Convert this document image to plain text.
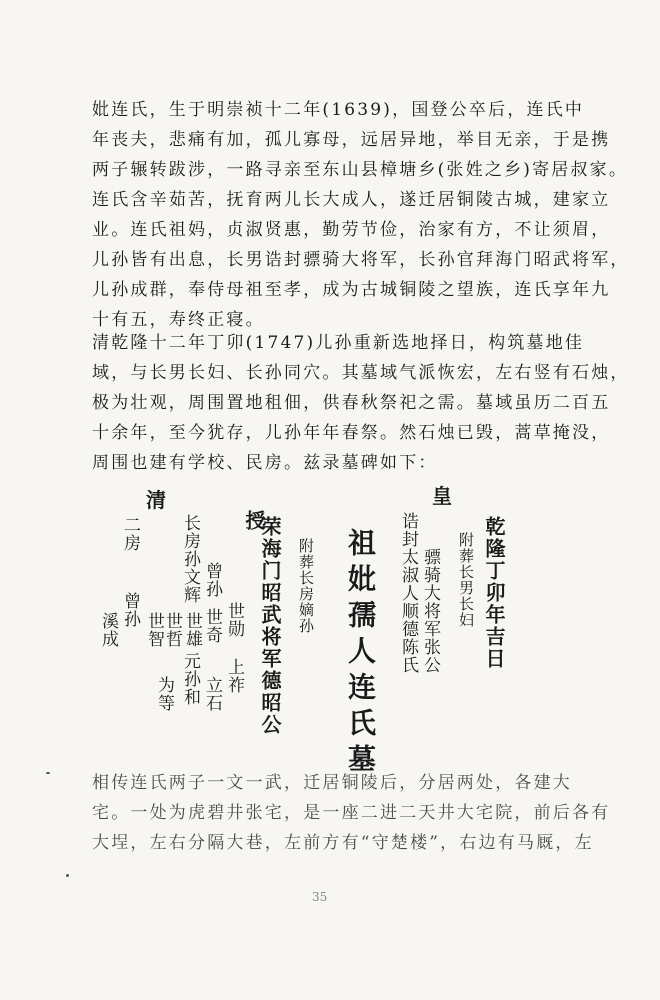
妣连氏，生于明崇祯十二年(1639)，国登公卒后，连氏中
年丧夫，悲痛有加，孤儿寡母，远居异地，举目无亲，于是携
两子辗转跋涉，一路寻亲至东山县樟塘乡(张姓之乡)寄居叔家。
连氏含辛茹苦，抚育两儿长大成人，遂迁居铜陵古城，建家立
业。连氏祖妈，贞淑贤惠，勤劳节俭，治家有方，不让须眉，
儿孙皆有出息，长男诰封骠骑大将军，长孙官拜海门昭武将军，
儿孙成群，奉侍母祖至孝，成为古城铜陵之望族，连氏享年九
十有五，寿终正寝。
清乾隆十二年丁卯(1747)儿孙重新选地择日，构筑墓地佳
域，与长男长妇、长孙同穴。其墓域气派恢宏，左右竖有石烛，
极为壮观，周围置地租佃，供春秋祭祀之需。墓域虽历二百五
十余年，至今犹存，儿孙年年春祭。然石烛已毁，蒿草掩没，
周围也建有学校、民房。兹录墓碑如下：
清	皇
乾隆丁卯年吉日
附葬长男长妇
诰封
骠骑大将军张公
太淑人顺德陈氏
祖妣孺人连氏墓
附葬长房嫡孙
授
荣海门昭武将军德昭公
长房孙文辉 曾孙
世勋
世奇
世雄
世哲
世智
上祚
立石
元孙和
为等
二房
曾孙
溪成
相传连氏两子一文一武，迁居铜陵后，分居两处，各建大
宅。一处为虎碧井张宅，是一座二进二天井大宅院，前后各有
大埕，左右分隔大巷，左前方有“守楚楼”，右边有马厩，左
35
